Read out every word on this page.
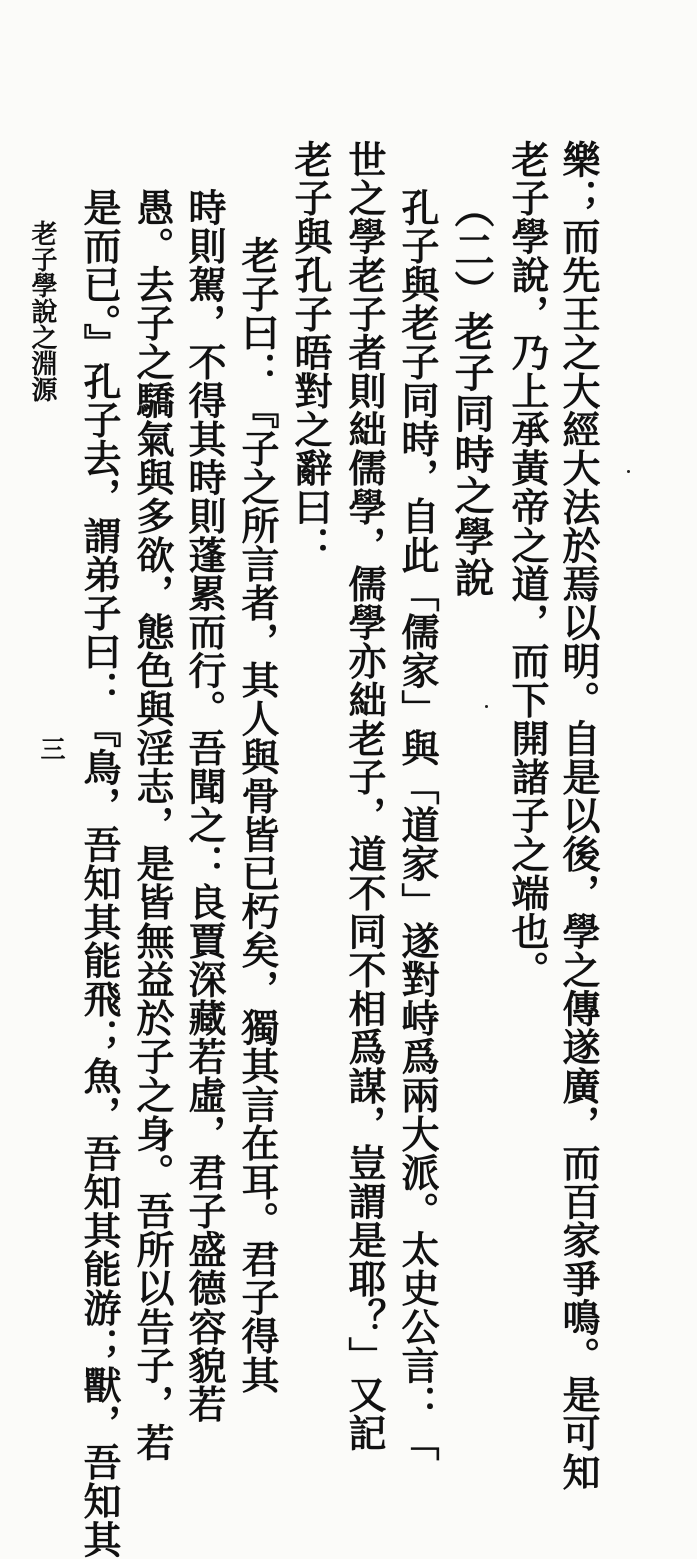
老子學說之淵源
三	樂；而先王之大經大法於焉以明。自是以後，學之傳遂廣，而百家爭鳴。是可知
老子學說，乃上承黃帝之道，而下開諸子之端也。
（二）老子同時之學說
孔子與老子同時，自此「儒家」與「道家」遂對峙爲兩大派。太史公言：「
世之學老子者則絀儒學，儒學亦絀老子，道不同不相爲謀，豈謂是耶？」又記
老子與孔子晤對之辭曰：
老子曰：『子之所言者，其人與骨皆已朽矣，獨其言在耳。君子得其
時則駕，不得其時則蓬累而行。吾聞之：良賈深藏若虛，君子盛德容貌若
愚。去子之驕氣與多欲，態色與淫志，是皆無益於子之身。吾所以告子，若
是而已。』孔子去，謂弟子曰：『鳥，吾知其能飛；魚，吾知其能游；獸，吾知其
